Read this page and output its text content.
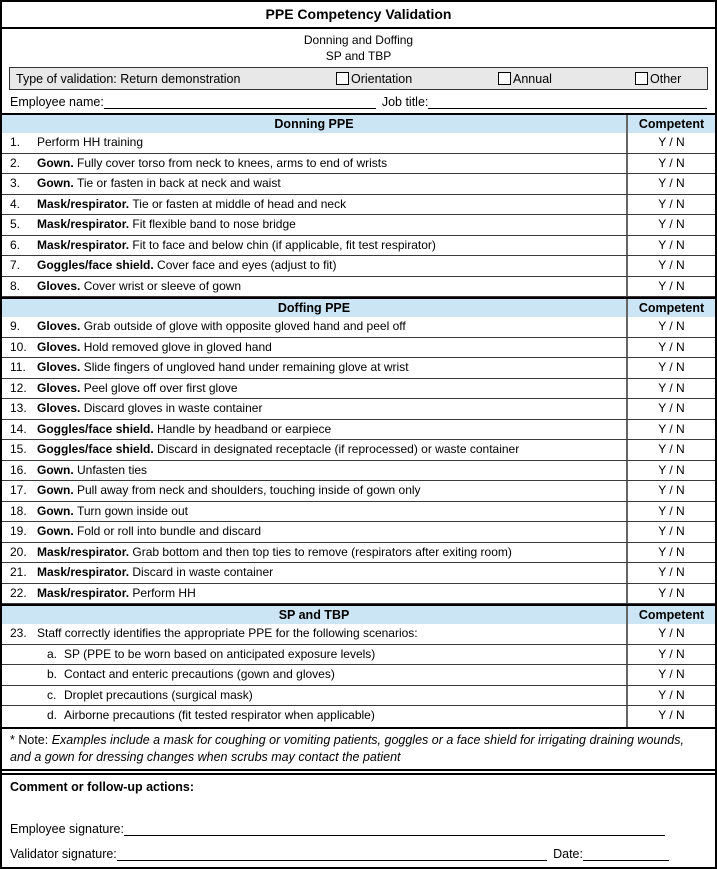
PPE Competency Validation
Donning and Doffing
SP and TBP
Type of validation: Return demonstration	Orientation	Annual	Other
Employee name:	Job title:
Donning PPE	Competent
1.	Perform HH training	Y / N
2.	Gown. Fully cover torso from neck to knees, arms to end of wrists	Y / N
3.	Gown. Tie or fasten in back at neck and waist	Y / N
4.	Mask/respirator. Tie or fasten at middle of head and neck	Y / N
5.	Mask/respirator. Fit flexible band to nose bridge	Y / N
6.	Mask/respirator. Fit to face and below chin (if applicable, fit test respirator)	Y / N
7.	Goggles/face shield. Cover face and eyes (adjust to fit)	Y / N
8.	Gloves. Cover wrist or sleeve of gown	Y / N
Doffing PPE	Competent
9.	Gloves. Grab outside of glove with opposite gloved hand and peel off	Y / N
10. Gloves. Hold removed glove in gloved hand	Y / N
11. Gloves. Slide fingers of ungloved hand under remaining glove at wrist	Y / N
12. Gloves. Peel glove off over first glove	Y / N
13. Gloves. Discard gloves in waste container	Y / N
14. Goggles/face shield. Handle by headband or earpiece	Y / N
15. Goggles/face shield. Discard in designated receptacle (if reprocessed) or waste container	Y / N
16. Gown. Unfasten ties	Y / N
17. Gown. Pull away from neck and shoulders, touching inside of gown only	Y / N
18. Gown. Turn gown inside out	Y / N
19. Gown. Fold or roll into bundle and discard	Y / N
20. Mask/respirator. Grab bottom and then top ties to remove (respirators after exiting room)	Y / N
21. Mask/respirator. Discard in waste container	Y / N
22. Mask/respirator. Perform HH	Y / N
SP and TBP	Competent
23. Staff correctly identifies the appropriate PPE for the following scenarios:	Y / N
a. SP (PPE to be worn based on anticipated exposure levels)	Y / N
b. Contact and enteric precautions (gown and gloves)	Y / N
c. Droplet precautions (surgical mask)	Y / N
d. Airborne precautions (fit tested respirator when applicable)	Y / N
* Note: Examples include a mask for coughing or vomiting patients, goggles or a face shield for irrigating draining wounds, and a gown for dressing changes when scrubs may contact the patient
Comment or follow-up actions:
Employee signature:
Validator signature:	Date:
